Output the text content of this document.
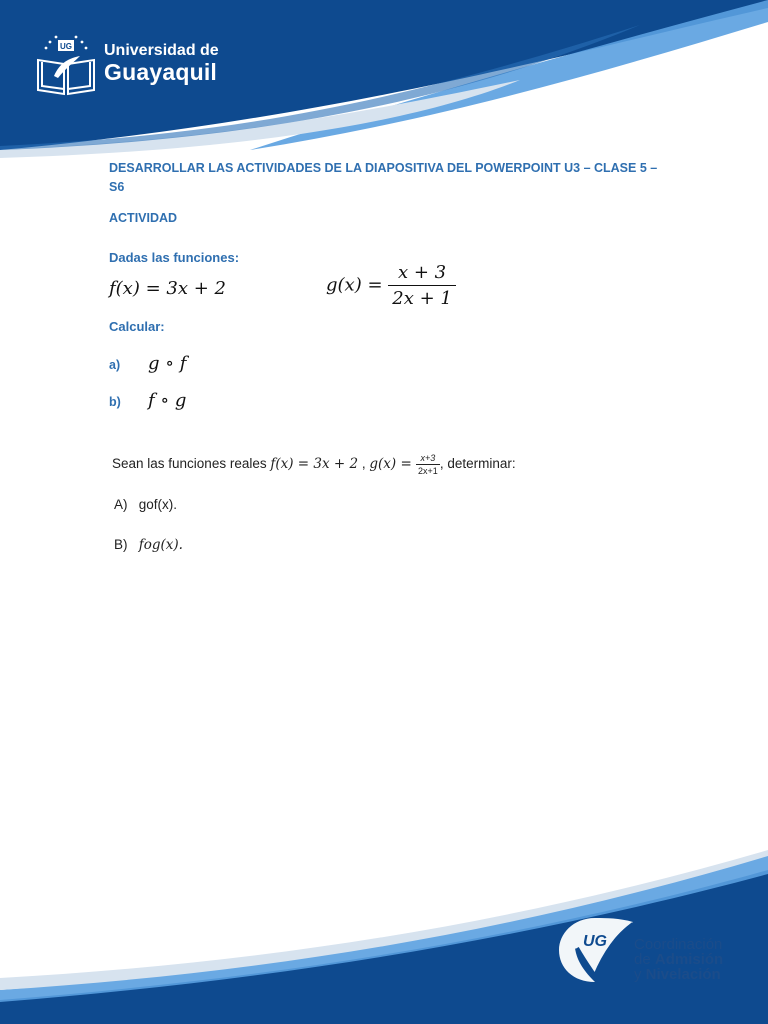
UG Universidad de
Guayaquil
DESARROLLAR LAS ACTIVIDADES DE LA DIAPOSITIVA DEL POWERPOINT U3 – CLASE 5 – S6
ACTIVIDAD
Dadas las funciones:
f(x) = 3x + 2	$g(x) = \frac{x + 3}{2x + 1}$
Calcular:
a) g ∘ f
b) f ∘ g
Sean las funciones reales f(x) = 3x + 2 , $g(x) = \frac{x+3}{2x+1}$ , determinar:
A) gof(x).
B) fog(x).
UG Coordinación
de Admisión
y Nivelación
